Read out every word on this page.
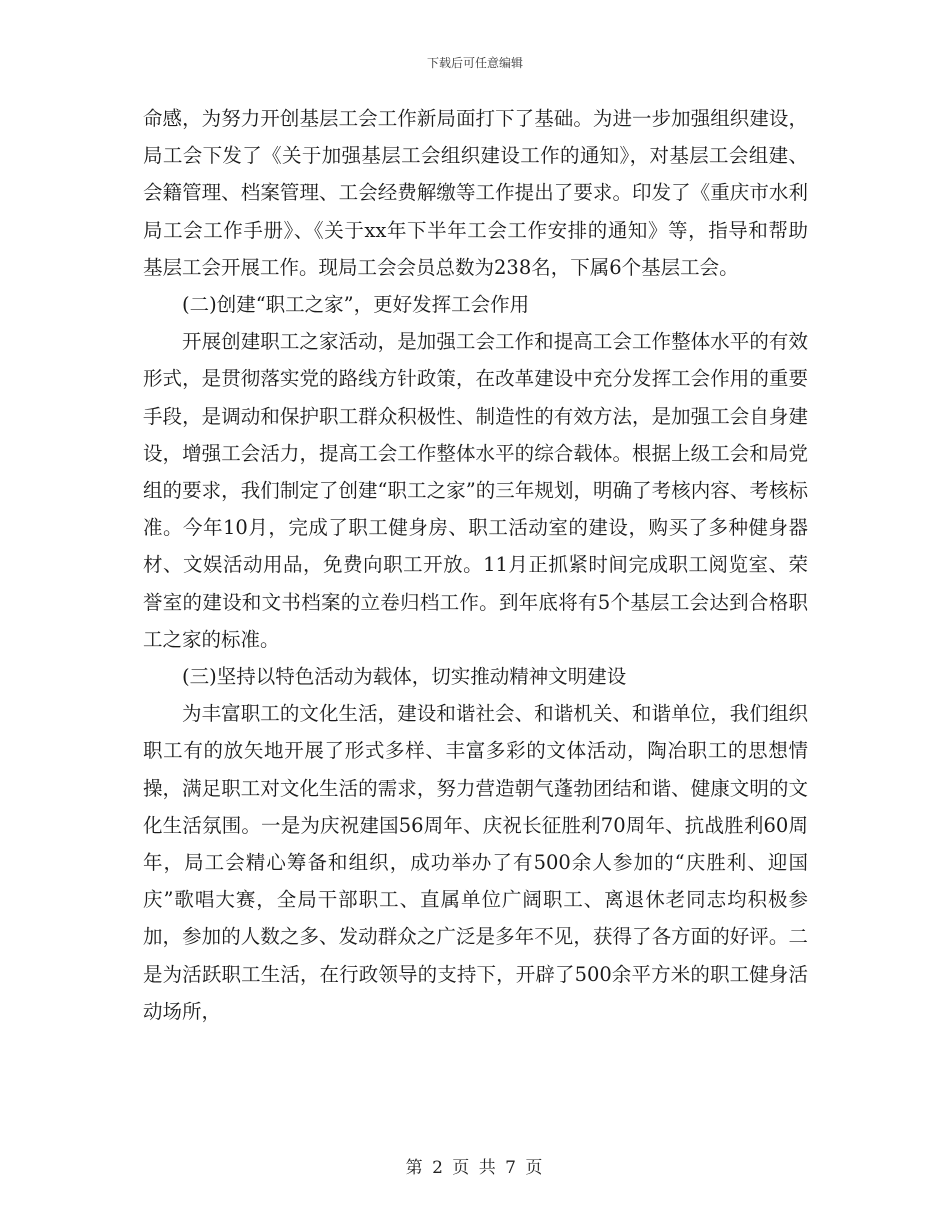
下载后可任意编辑

命感，为努力开创基层工会工作新局面打下了基础。为进一步加强组织建设，局工会下发了《关于加强基层工会组织建设工作的通知》，对基层工会组建、会籍管理、档案管理、工会经费解缴等工作提出了要求。印发了《重庆市水利局工会工作手册》、《关于xx年下半年工会工作安排的通知》等，指导和帮助基层工会开展工作。现局工会会员总数为238名，下属6个基层工会。

(二)创建“职工之家”，更好发挥工会作用

开展创建职工之家活动，是加强工会工作和提高工会工作整体水平的有效形式，是贯彻落实党的路线方针政策，在改革建设中充分发挥工会作用的重要手段，是调动和保护职工群众积极性、制造性的有效方法，是加强工会自身建设，增强工会活力，提高工会工作整体水平的综合载体。根据上级工会和局党组的要求，我们制定了创建“职工之家”的三年规划，明确了考核内容、考核标准。今年10月，完成了职工健身房、职工活动室的建设，购买了多种健身器材、文娱活动用品，免费向职工开放。11月正抓紧时间完成职工阅览室、荣誉室的建设和文书档案的立卷归档工作。到年底将有5个基层工会达到合格职工之家的标准。

(三)坚持以特色活动为载体，切实推动精神文明建设

为丰富职工的文化生活，建设和谐社会、和谐机关、和谐单位，我们组织职工有的放矢地开展了形式多样、丰富多彩的文体活动，陶冶职工的思想情操，满足职工对文化生活的需求，努力营造朝气蓬勃团结和谐、健康文明的文化生活氛围。一是为庆祝建国56周年、庆祝长征胜利70周年、抗战胜利60周年，局工会精心筹备和组织，成功举办了有500余人参加的“庆胜利、迎国庆”歌唱大赛，全局干部职工、直属单位广阔职工、离退休老同志均积极参加，参加的人数之多、发动群众之广泛是多年不见，获得了各方面的好评。二是为活跃职工生活，在行政领导的支持下，开辟了500余平方米的职工健身活动场所，

第 2 页 共 7 页
